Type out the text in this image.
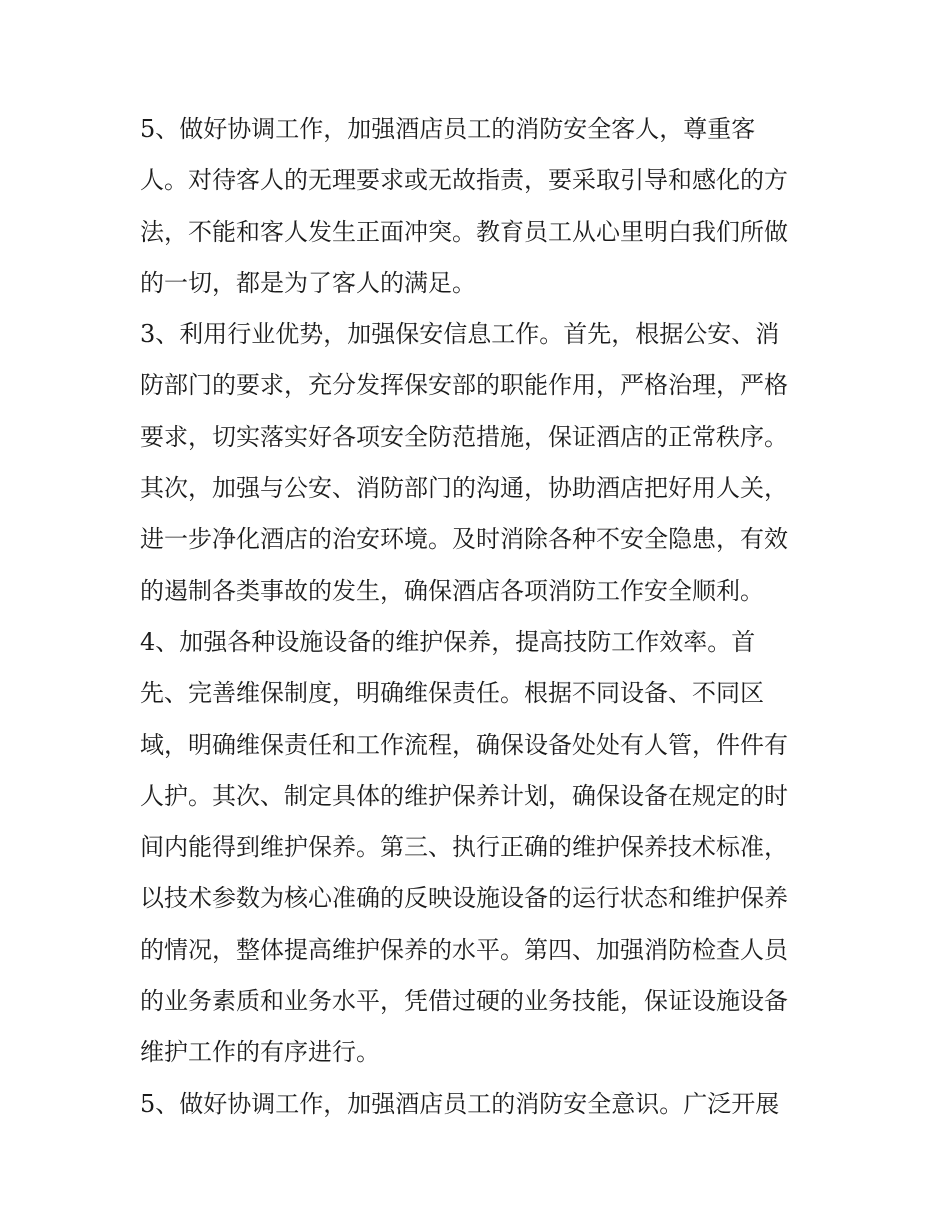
5、做好协调工作，加强酒店员工的消防安全客人，尊重客
人。对待客人的无理要求或无故指责，要采取引导和感化的方
法，不能和客人发生正面冲突。教育员工从心里明白我们所做
的一切，都是为了客人的满足。
3、利用行业优势，加强保安信息工作。首先，根据公安、消
防部门的要求，充分发挥保安部的职能作用，严格治理，严格
要求，切实落实好各项安全防范措施，保证酒店的正常秩序。
其次，加强与公安、消防部门的沟通，协助酒店把好用人关，
进一步净化酒店的治安环境。及时消除各种不安全隐患，有效
的遏制各类事故的发生，确保酒店各项消防工作安全顺利。
4、加强各种设施设备的维护保养，提高技防工作效率。首
先、完善维保制度，明确维保责任。根据不同设备、不同区
域，明确维保责任和工作流程，确保设备处处有人管，件件有
人护。其次、制定具体的维护保养计划，确保设备在规定的时
间内能得到维护保养。第三、执行正确的维护保养技术标准，
以技术参数为核心准确的反映设施设备的运行状态和维护保养
的情况，整体提高维护保养的水平。第四、加强消防检查人员
的业务素质和业务水平，凭借过硬的业务技能，保证设施设备
维护工作的有序进行。
5、做好协调工作，加强酒店员工的消防安全意识。广泛开展
